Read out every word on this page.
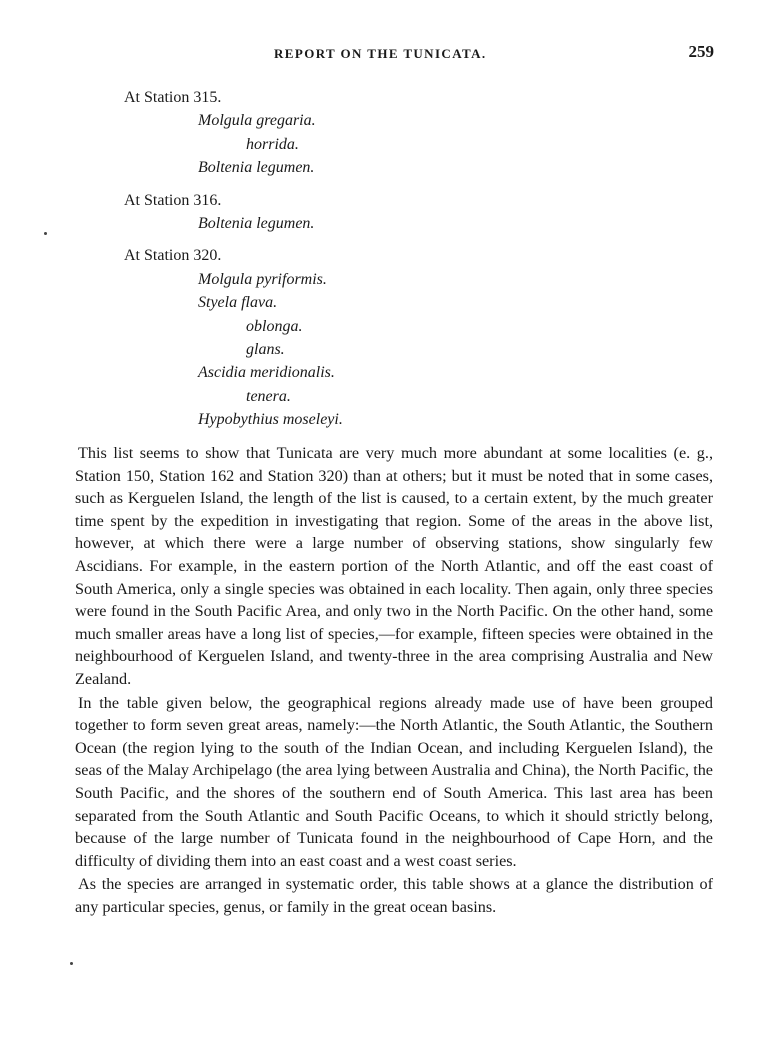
REPORT ON THE TUNICATA.	259
At Station 315.
Molgula gregaria.
horrida.
Boltenia legumen.
At Station 316.
Boltenia legumen.
At Station 320.
Molgula pyriformis.
Styela flava.
oblonga.
glans.
Ascidia meridionalis.
tenera.
Hypobythius moseleyi.

This list seems to show that Tunicata are very much more abundant at some localities (e. g., Station 150, Station 162 and Station 320) than at others; but it must be noted that in some cases, such as Kerguelen Island, the length of the list is caused, to a certain extent, by the much greater time spent by the expedition in investigating that region. Some of the areas in the above list, however, at which there were a large number of observing stations, show singularly few Ascidians. For example, in the eastern portion of the North Atlantic, and off the east coast of South America, only a single species was obtained in each locality. Then again, only three species were found in the South Pacific Area, and only two in the North Pacific. On the other hand, some much smaller areas have a long list of species,—for example, fifteen species were obtained in the neighbourhood of Kerguelen Island, and twenty-three in the area comprising Australia and New Zealand.

In the table given below, the geographical regions already made use of have been grouped together to form seven great areas, namely:—the North Atlantic, the South Atlantic, the Southern Ocean (the region lying to the south of the Indian Ocean, and including Kerguelen Island), the seas of the Malay Archipelago (the area lying between Australia and China), the North Pacific, the South Pacific, and the shores of the southern end of South America. This last area has been separated from the South Atlantic and South Pacific Oceans, to which it should strictly belong, because of the large number of Tunicata found in the neighbourhood of Cape Horn, and the difficulty of dividing them into an east coast and a west coast series.

As the species are arranged in systematic order, this table shows at a glance the distribution of any particular species, genus, or family in the great ocean basins.
